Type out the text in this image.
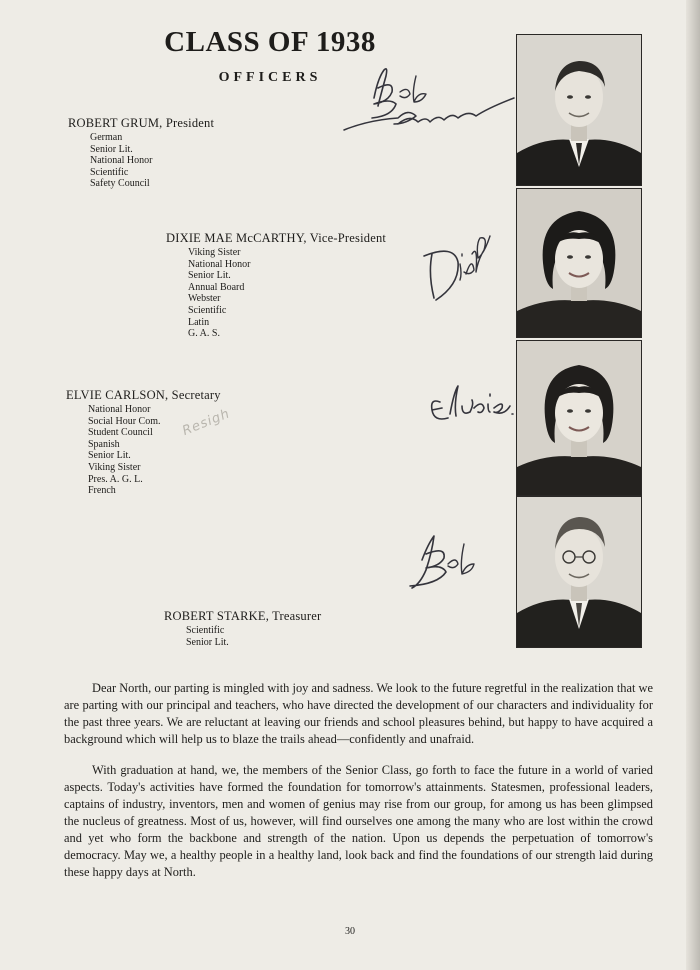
CLASS OF 1938
OFFICERS
ROBERT GRUM, President
German
Senior Lit.
National Honor
Scientific
Safety Council
DIXIE MAE McCARTHY, Vice-President
Viking Sister
National Honor
Senior Lit.
Annual Board
Webster
Scientific
Latin
G. A. S.
ELVIE CARLSON, Secretary
National Honor
Social Hour Com.
Student Council
Spanish
Senior Lit.
Viking Sister
Pres. A. G. L.
French
ROBERT STARKE, Treasurer
Scientific
Senior Lit.
Resigh

Dear North, our parting is mingled with joy and sadness. We look to the future regretful in the realization that we are parting with our principal and teachers, who have directed the development of our characters and individuality for the past three years. We are reluctant at leaving our friends and school pleasures behind, but happy to have acquired a background which will help us to blaze the trails ahead—confidently and unafraid.

With graduation at hand, we, the members of the Senior Class, go forth to face the future in a world of varied aspects. Today's activities have formed the foundation for tomorrow's attainments. Statesmen, professional leaders, captains of industry, inventors, men and women of genius may rise from our group, for among us has been glimpsed the nucleus of greatness. Most of us, however, will find ourselves one among the many who are lost within the crowd and yet who form the backbone and strength of the nation. Upon us depends the perpetuation of tomorrow's democracy. May we, a healthy people in a healthy land, look back and find the foundations of our strength laid during these happy days at North.

30
